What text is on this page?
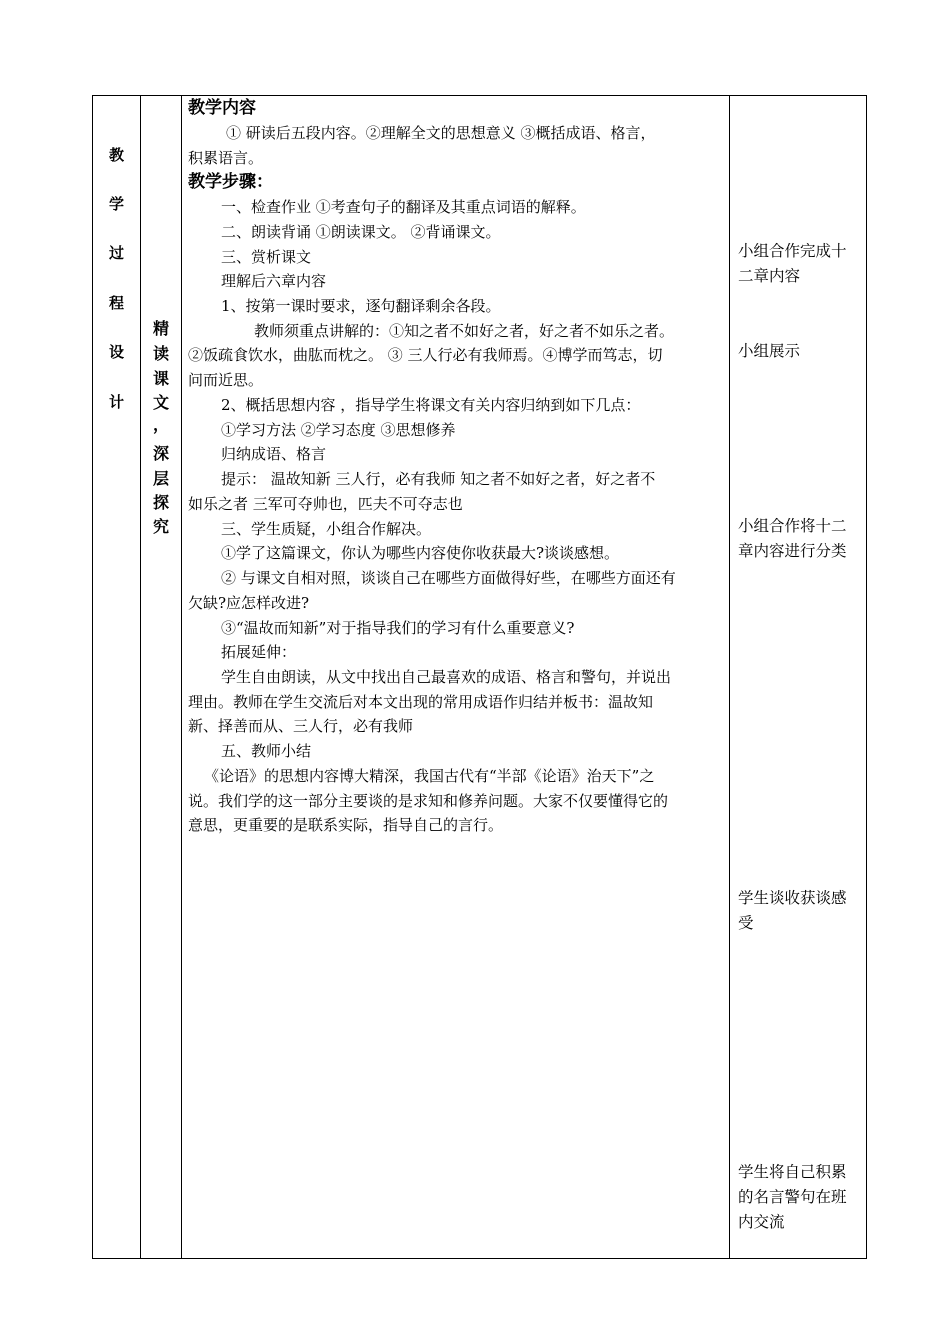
教
学
过
程
设
计
精
读
课
文
，
深
层
探
究
教学内容
① 研读后五段内容。②理解全文的思想意义 ③概括成语、格言，
积累语言。
教学步骤：
一、检查作业 ①考查句子的翻译及其重点词语的解释。
二、朗读背诵 ①朗读课文。 ②背诵课文。
三、赏析课文
理解后六章内容
1、按第一课时要求，逐句翻译剩余各段。
教师须重点讲解的：①知之者不如好之者，好之者不如乐之者。
②饭疏食饮水，曲肱而枕之。 ③ 三人行必有我师焉。④博学而笃志，切
问而近思。
2、概括思想内容 ，指导学生将课文有关内容归纳到如下几点：
①学习方法 ②学习态度 ③思想修养
归纳成语、格言
提示： 温故知新 三人行，必有我师 知之者不如好之者，好之者不
如乐之者 三军可夺帅也，匹夫不可夺志也
三、学生质疑，小组合作解决。
①学了这篇课文，你认为哪些内容使你收获最大?谈谈感想。
② 与课文自相对照，谈谈自己在哪些方面做得好些，在哪些方面还有
欠缺?应怎样改进?
③“温故而知新”对于指导我们的学习有什么重要意义?
拓展延伸：
学生自由朗读，从文中找出自己最喜欢的成语、格言和警句，并说出
理由。教师在学生交流后对本文出现的常用成语作归结并板书：温故知
新、择善而从、三人行，必有我师
五、教师小结
《论语》的思想内容博大精深，我国古代有“半部《论语》治天下”之
说。我们学的这一部分主要谈的是求知和修养问题。大家不仅要懂得它的
意思，更重要的是联系实际，指导自己的言行。
小组合作完成十
二章内容
小组展示
小组合作将十二
章内容进行分类
学生谈收获谈感
受
学生将自己积累
的名言警句在班
内交流
